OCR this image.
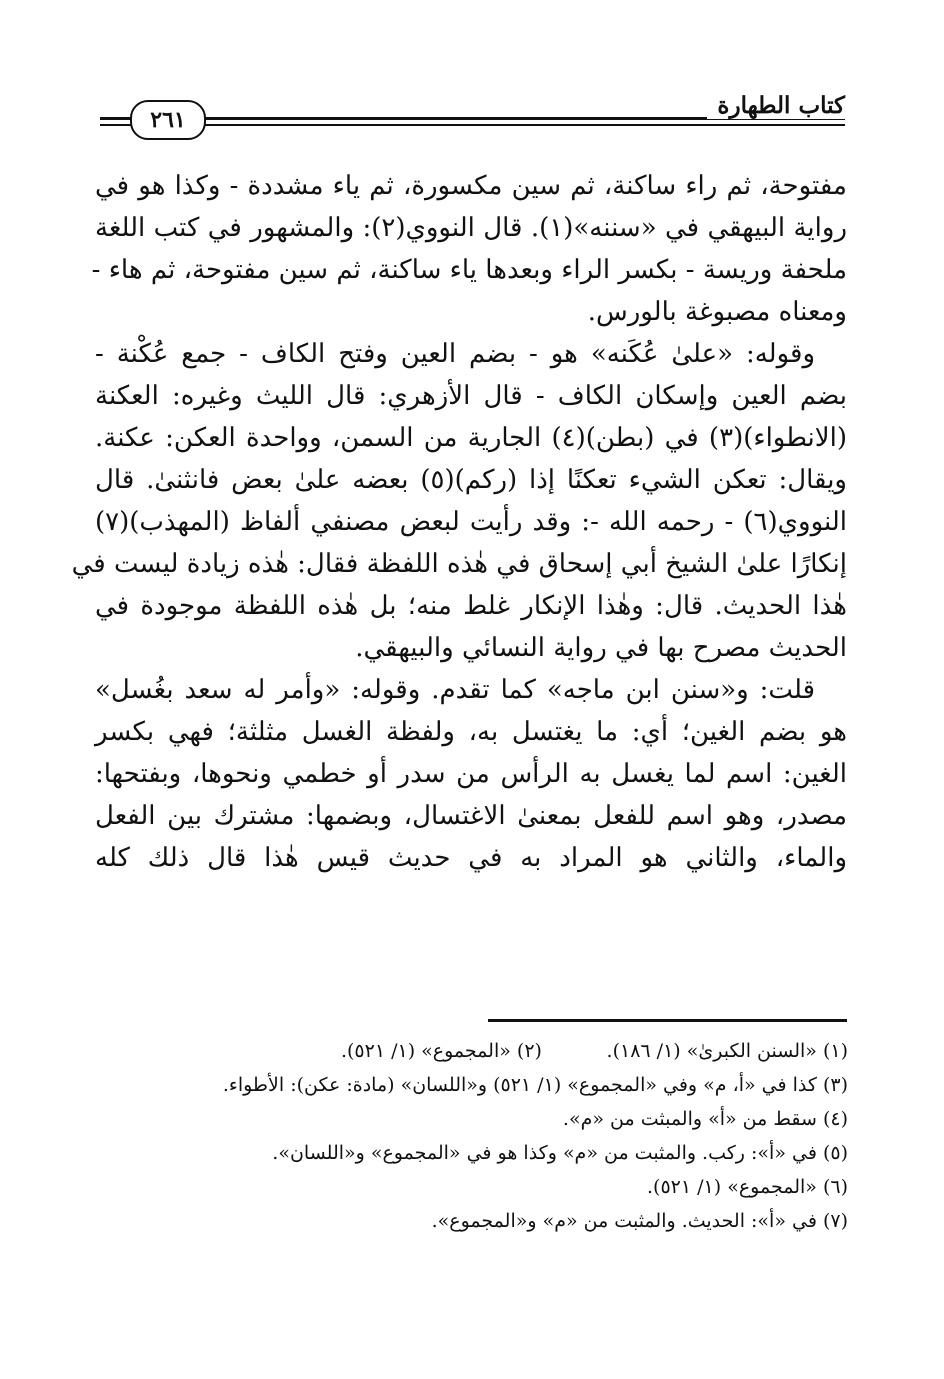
كتاب الطهارة
٢٦١
مفتوحة، ثم راء ساكنة، ثم سين مكسورة، ثم ياء مشددة - وكذا هو في
رواية البيهقي في «سننه»(١). قال النووي(٢): والمشهور في كتب اللغة
ملحفة وريسة - بكسر الراء وبعدها ياء ساكنة، ثم سين مفتوحة، ثم هاء -
ومعناه مصبوغة بالورس.
وقوله: «علىٰ عُكَنه» هو - بضم العين وفتح الكاف - جمع عُكْنة -
بضم العين وإسكان الكاف - قال الأزهري: قال الليث وغيره: العكنة
(الانطواء)(٣) في (بطن)(٤) الجارية من السمن، وواحدة العكن: عكنة.
ويقال: تعكن الشيء تعكنًا إذا (ركم)(٥) بعضه علىٰ بعض فانثنىٰ. قال
النووي(٦) - رحمه الله -: وقد رأيت لبعض مصنفي ألفاظ (المهذب)(٧)
إنكارًا علىٰ الشيخ أبي إسحاق في هٰذه اللفظة فقال: هٰذه زيادة ليست في
هٰذا الحديث. قال: وهٰذا الإنكار غلط منه؛ بل هٰذه اللفظة موجودة في
الحديث مصرح بها في رواية النسائي والبيهقي.
قلت: و«سنن ابن ماجه» كما تقدم. وقوله: «وأمر له سعد بغُسل»
هو بضم الغين؛ أي: ما يغتسل به، ولفظة الغسل مثلثة؛ فهي بكسر
الغين: اسم لما يغسل به الرأس من سدر أو خطمي ونحوها، وبفتحها:
مصدر، وهو اسم للفعل بمعنىٰ الاغتسال، وبضمها: مشترك بين الفعل
والماء، والثاني هو المراد به في حديث قيس هٰذا قال ذلك كله
(١) «السنن الكبرىٰ» (١/ ١٨٦). (٢) «المجموع» (١/ ٥٢١).
(٣) كذا في «أ، م» وفي «المجموع» (١/ ٥٢١) و«اللسان» (مادة: عكن): الأطواء.
(٤) سقط من «أ» والمبثت من «م».
(٥) في «أ»: ركب. والمثبت من «م» وكذا هو في «المجموع» و«اللسان».
(٦) «المجموع» (١/ ٥٢١).
(٧) في «أ»: الحديث. والمثبت من «م» و«المجموع».
